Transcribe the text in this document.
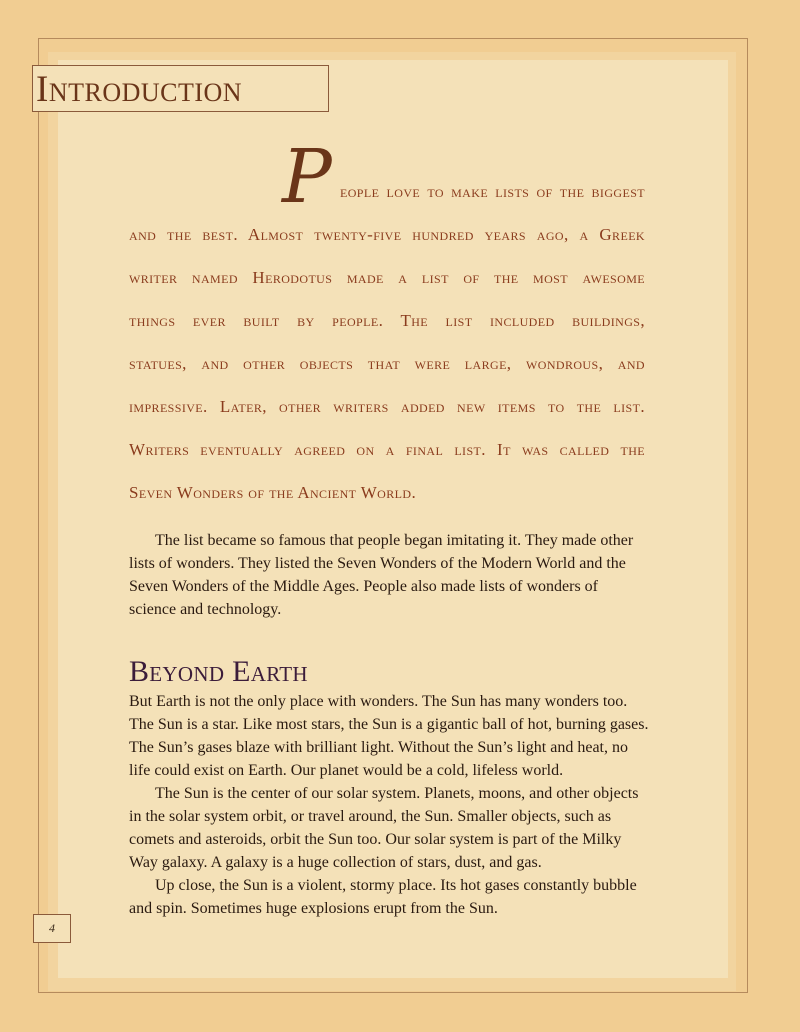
Introduction
P eople love to make lists of the biggest
and the best. Almost twenty-five hundred years ago, a Greek
writer named Herodotus made a list of the most awesome
things ever built by people. The list included buildings,
statues, and other objects that were large, wondrous, and
impressive. Later, other writers added new items to the list.
Writers eventually agreed on a final list. It was called the
Seven Wonders of the Ancient World.

The list became so famous that people began imitating it. They made other lists of wonders. They listed the Seven Wonders of the Modern World and the Seven Wonders of the Middle Ages. People also made lists of wonders of science and technology.

Beyond Earth

But Earth is not the only place with wonders. The Sun has many wonders too. The Sun is a star. Like most stars, the Sun is a gigantic ball of hot, burning gases. The Sun’s gases blaze with brilliant light. Without the Sun’s light and heat, no life could exist on Earth. Our planet would be a cold, lifeless world.

The Sun is the center of our solar system. Planets, moons, and other objects in the solar system orbit, or travel around, the Sun. Smaller objects, such as comets and asteroids, orbit the Sun too. Our solar system is part of the Milky Way galaxy. A galaxy is a huge collection of stars, dust, and gas.

Up close, the Sun is a violent, stormy place. Its hot gases constantly bubble and spin. Sometimes huge explosions erupt from the Sun.

4
